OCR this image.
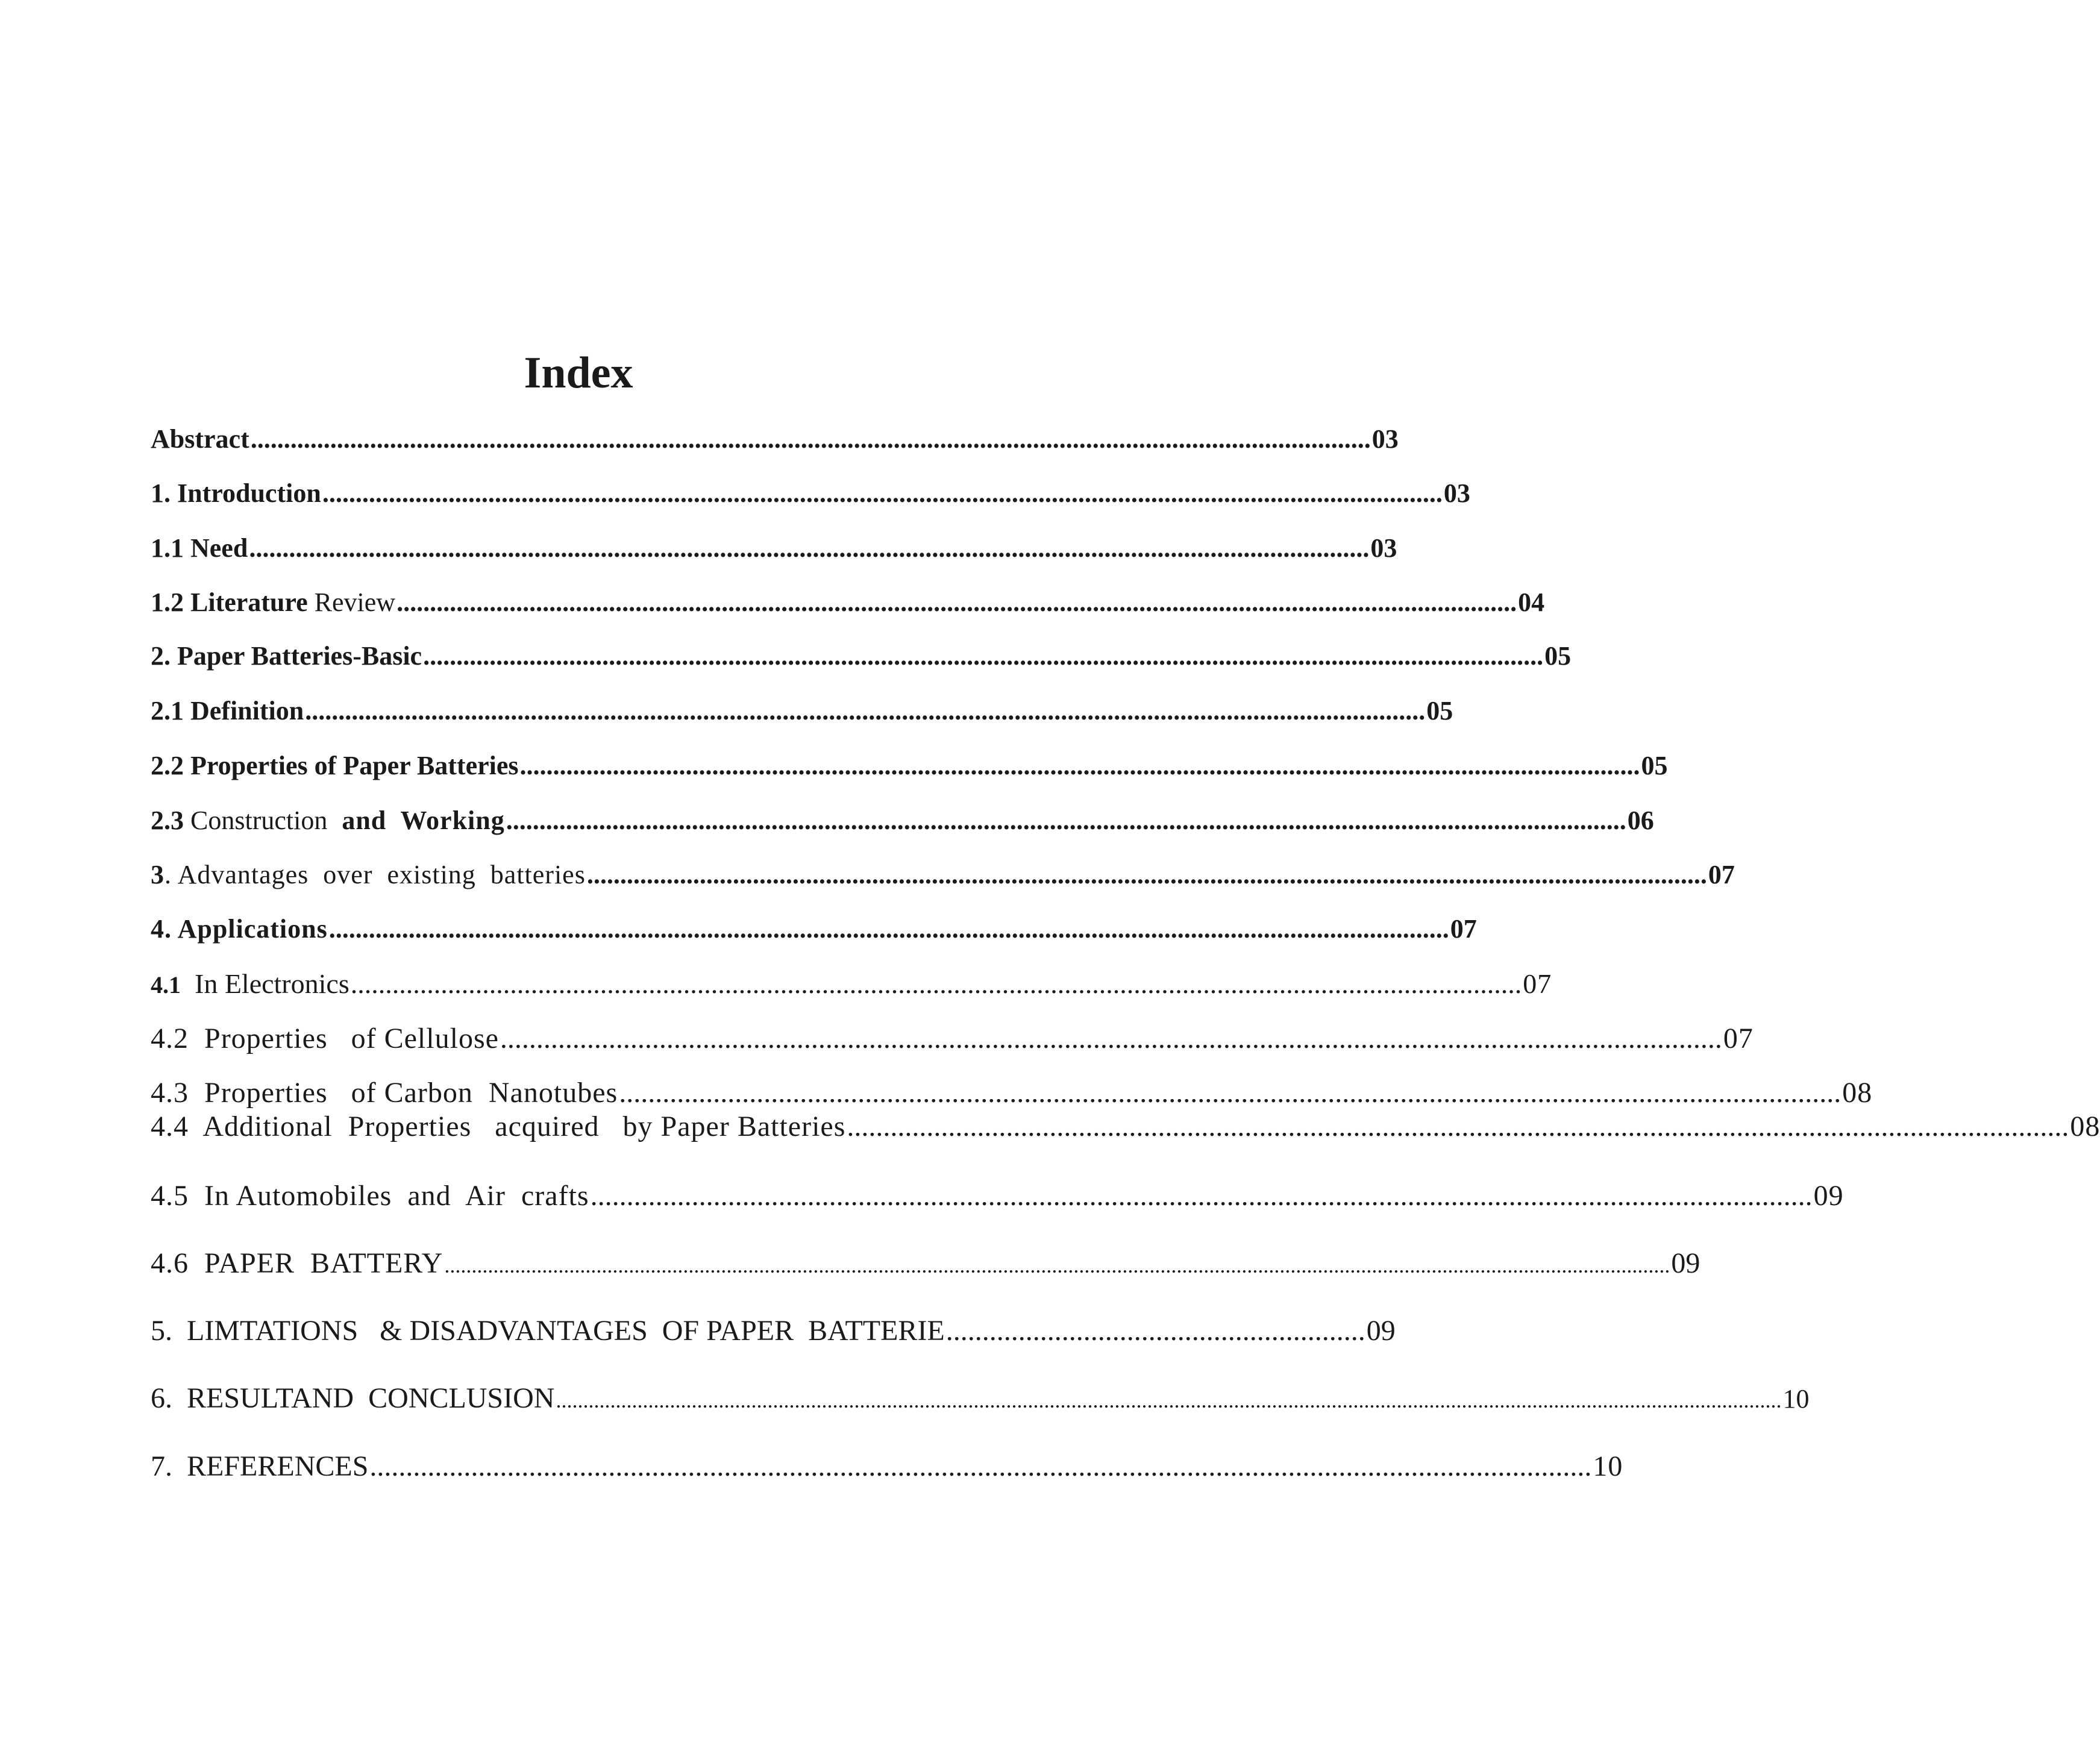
Index
Abstract ......................................................................................................................................................................... 03
1. Introduction ......................................................................................................................................................................... 03
1.1 Need ......................................................................................................................................................................... 03
1.2 Literature Review ......................................................................................................................................................................... 04
2. Paper Batteries-Basic ......................................................................................................................................................................... 05
2.1 Definition ......................................................................................................................................................................... 05
2.2 Properties of Paper Batteries ......................................................................................................................................................................... 05
2.3 Construction  and  Working ......................................................................................................................................................................... 06
3. Advantages  over  existing  batteries ......................................................................................................................................................................... 07
4. Applications ......................................................................................................................................................................... 07
4.1  In Electronics ......................................................................................................................................................................... 07
4.2  Properties   of Cellulose ......................................................................................................................................................................... 07
4.3  Properties   of Carbon  Nanotubes ......................................................................................................................................................................... 08
4.4  Additional  Properties   acquired   by Paper Batteries ......................................................................................................................................................................... 08
4.5  In Automobiles  and  Air  crafts ......................................................................................................................................................................... 09
4.6  PAPER  BATTERY .................................................................................................................................................................................................................................. 09
5.  LIMTATIONS   & DISADVANTAGES  OF PAPER  BATTERIE .......................................................... 09
6.  RESULTAND  CONCLUSION .................................................................................................................................................................................................................................. 10
7.  REFERENCES ......................................................................................................................................................................... 10
